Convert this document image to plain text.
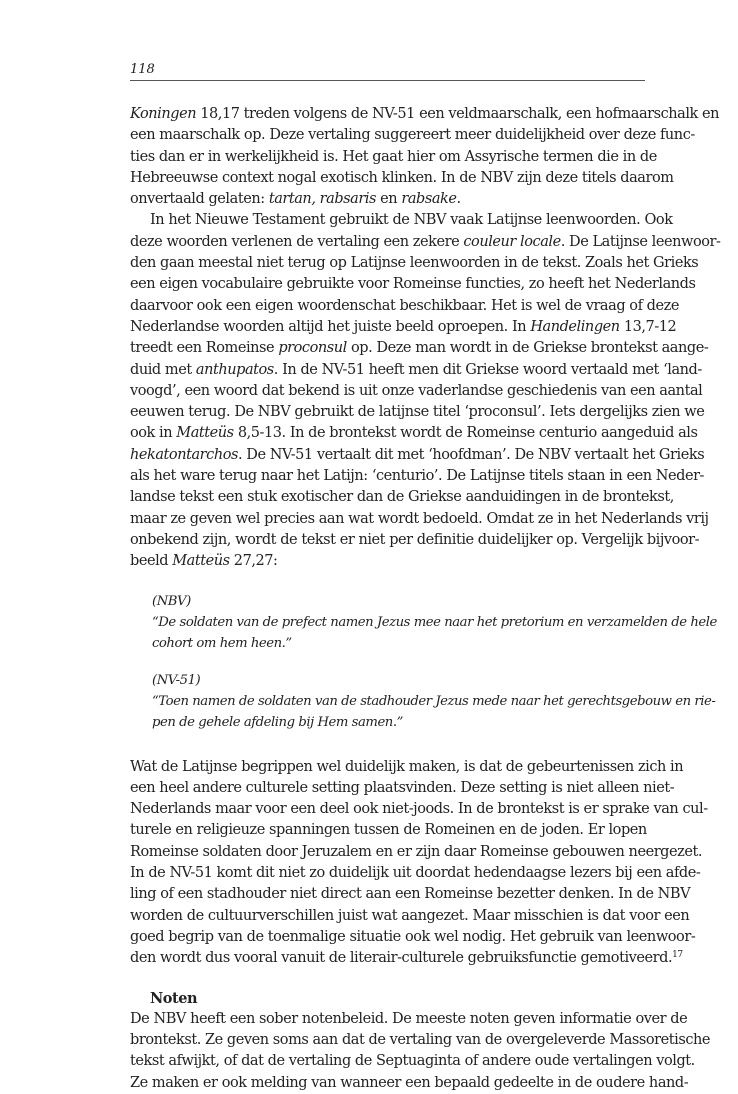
118

Koningen 18,17 treden volgens de NV-51 een veldmaarschalk, een hofmaarschalk en
een maarschalk op. Deze vertaling suggereert meer duidelijkheid over deze func-
ties dan er in werkelijkheid is. Het gaat hier om Assyrische termen die in de
Hebreeuwse context nogal exotisch klinken. In de NBV zijn deze titels daarom
onvertaald gelaten: tartan, rabsaris en rabsake.

In het Nieuwe Testament gebruikt de NBV vaak Latijnse leenwoorden. Ook
deze woorden verlenen de vertaling een zekere couleur locale. De Latijnse leenwoor-
den gaan meestal niet terug op Latijnse leenwoorden in de tekst. Zoals het Grieks
een eigen vocabulaire gebruikte voor Romeinse functies, zo heeft het Nederlands
daarvoor ook een eigen woordenschat beschikbaar. Het is wel de vraag of deze
Nederlandse woorden altijd het juiste beeld oproepen. In Handelingen 13,7-12
treedt een Romeinse proconsul op. Deze man wordt in de Griekse brontekst aange-
duid met anthupatos. In de NV-51 heeft men dit Griekse woord vertaald met ‘land-
voogd’, een woord dat bekend is uit onze vaderlandse geschiedenis van een aantal
eeuwen terug. De NBV gebruikt de latijnse titel ‘proconsul’. Iets dergelijks zien we
ook in Matteüs 8,5-13. In de brontekst wordt de Romeinse centurio aangeduid als
hekatontarchos. De NV-51 vertaalt dit met ‘hoofdman’. De NBV vertaalt het Grieks
als het ware terug naar het Latijn: ‘centurio’. De Latijnse titels staan in een Neder-
landse tekst een stuk exotischer dan de Griekse aanduidingen in de brontekst,
maar ze geven wel precies aan wat wordt bedoeld. Omdat ze in het Nederlands vrij
onbekend zijn, wordt de tekst er niet per definitie duidelijker op. Vergelijk bijvoor-
beeld Matteüs 27,27:

(NBV)
“De soldaten van de prefect namen Jezus mee naar het pretorium en verzamelden de hele
cohort om hem heen.”
(NV-51)
“Toen namen de soldaten van de stadhouder Jezus mede naar het gerechtsgebouw en rie-
pen de gehele afdeling bij Hem samen.”

Wat de Latijnse begrippen wel duidelijk maken, is dat de gebeurtenissen zich in
een heel andere culturele setting plaatsvinden. Deze setting is niet alleen niet-
Nederlands maar voor een deel ook niet-joods. In de brontekst is er sprake van cul-
turele en religieuze spanningen tussen de Romeinen en de joden. Er lopen
Romeinse soldaten door Jeruzalem en er zijn daar Romeinse gebouwen neergezet.
In de NV-51 komt dit niet zo duidelijk uit doordat hedendaagse lezers bij een afde-
ling of een stadhouder niet direct aan een Romeinse bezetter denken. In de NBV
worden de cultuurverschillen juist wat aangezet. Maar misschien is dat voor een
goed begrip van de toenmalige situatie ook wel nodig. Het gebruik van leenwoor-
den wordt dus vooral vanuit de literair-culturele gebruiksfunctie gemotiveerd.$^{17}$

Noten

De NBV heeft een sober notenbeleid. De meeste noten geven informatie over de
brontekst. Ze geven soms aan dat de vertaling van de overgeleverde Massoretische
tekst afwijkt, of dat de vertaling de Septuaginta of andere oude vertalingen volgt.
Ze maken er ook melding van wanneer een bepaald gedeelte in de oudere hand-
